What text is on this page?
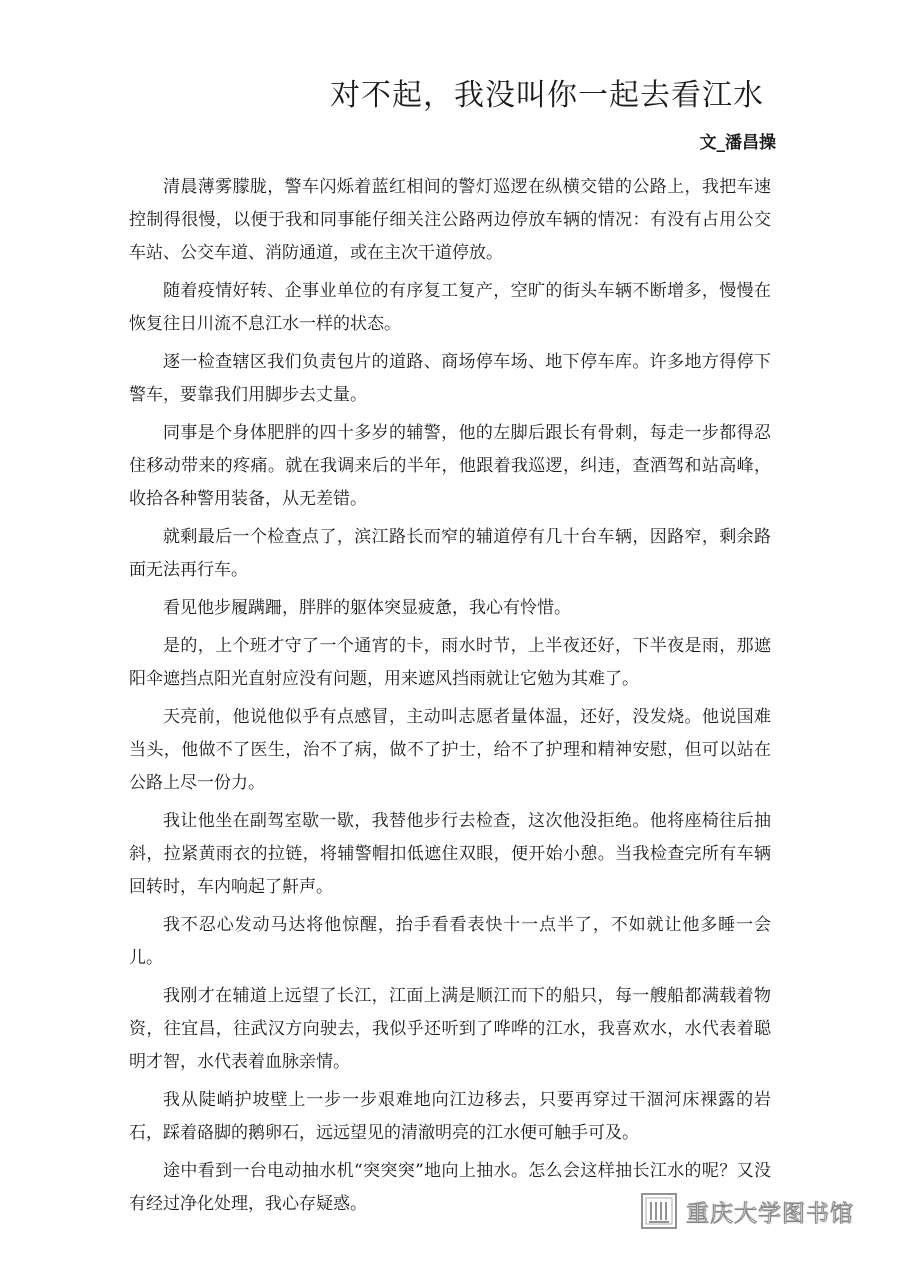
对不起，我没叫你一起去看江水

文_潘昌操

清晨薄雾朦胧，警车闪烁着蓝红相间的警灯巡逻在纵横交错的公路上，我把车速控制得很慢，以便于我和同事能仔细关注公路两边停放车辆的情况：有没有占用公交车站、公交车道、消防通道，或在主次干道停放。

随着疫情好转、企事业单位的有序复工复产，空旷的街头车辆不断增多，慢慢在恢复往日川流不息江水一样的状态。

逐一检查辖区我们负责包片的道路、商场停车场、地下停车库。许多地方得停下警车，要靠我们用脚步去丈量。

同事是个身体肥胖的四十多岁的辅警，他的左脚后跟长有骨刺，每走一步都得忍住移动带来的疼痛。就在我调来后的半年，他跟着我巡逻，纠违，查酒驾和站高峰，收拾各种警用装备，从无差错。

就剩最后一个检查点了，滨江路长而窄的辅道停有几十台车辆，因路窄，剩余路面无法再行车。

看见他步履蹒跚，胖胖的躯体突显疲惫，我心有怜惜。

是的，上个班才守了一个通宵的卡，雨水时节，上半夜还好，下半夜是雨，那遮阳伞遮挡点阳光直射应没有问题，用来遮风挡雨就让它勉为其难了。

天亮前，他说他似乎有点感冒，主动叫志愿者量体温，还好，没发烧。他说国难当头，他做不了医生，治不了病，做不了护士，给不了护理和精神安慰，但可以站在公路上尽一份力。

我让他坐在副驾室歇一歇，我替他步行去检查，这次他没拒绝。他将座椅往后抽斜，拉紧黄雨衣的拉链，将辅警帽扣低遮住双眼，便开始小憩。当我检查完所有车辆回转时，车内响起了鼾声。

我不忍心发动马达将他惊醒，抬手看看表快十一点半了，不如就让他多睡一会儿。

我刚才在辅道上远望了长江，江面上满是顺江而下的船只，每一艘船都满载着物资，往宜昌，往武汉方向驶去，我似乎还听到了哗哗的江水，我喜欢水，水代表着聪明才智，水代表着血脉亲情。

我从陡峭护坡壁上一步一步艰难地向江边移去，只要再穿过干涸河床裸露的岩石，踩着硌脚的鹅卵石，远远望见的清澈明亮的江水便可触手可及。

途中看到一台电动抽水机“突突突”地向上抽水。怎么会这样抽长江水的呢？又没有经过净化处理，我心存疑惑。	重庆大学图书馆
